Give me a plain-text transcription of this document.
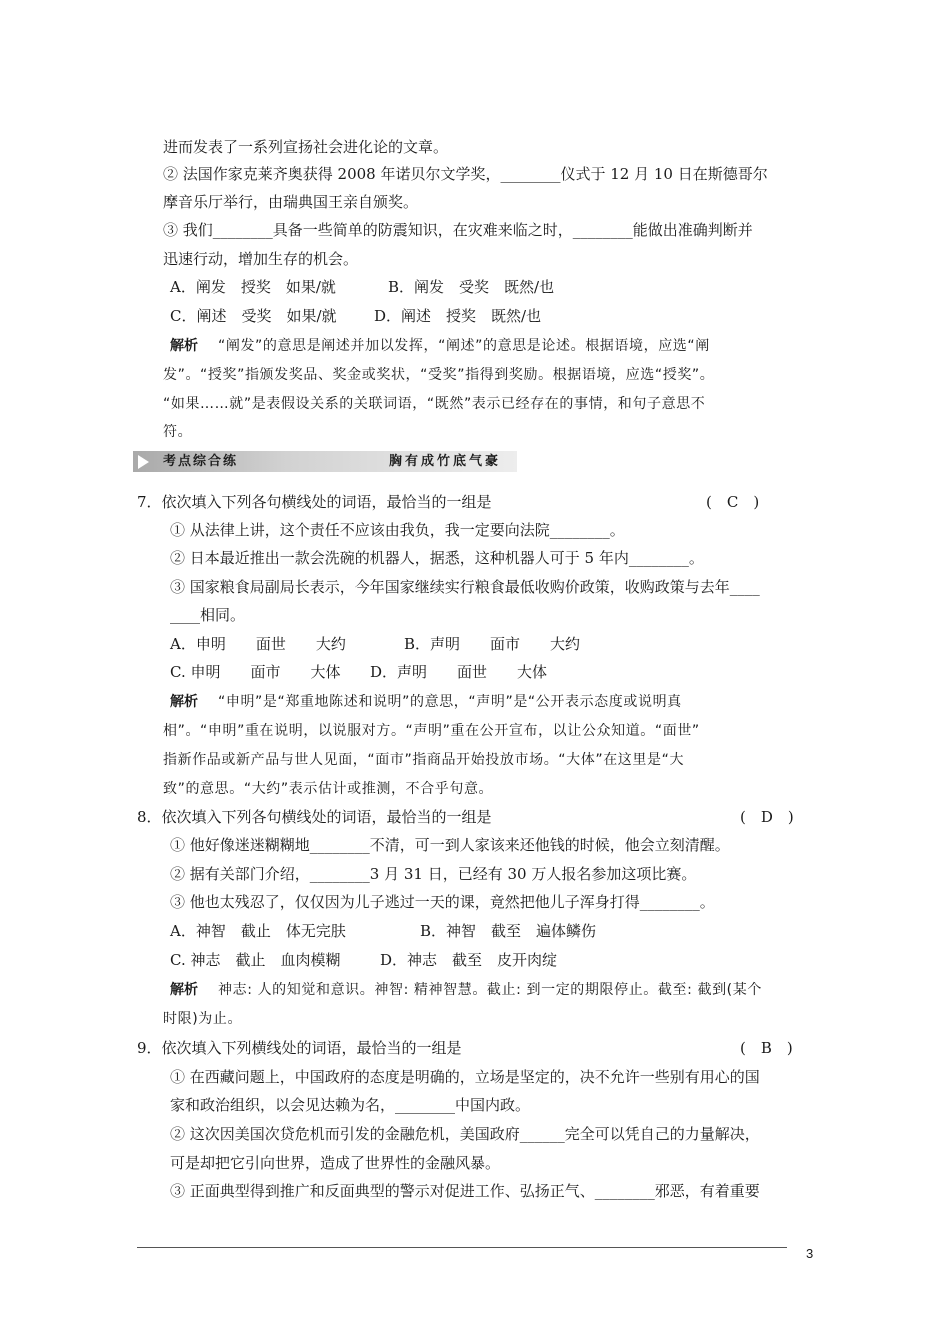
进而发表了一系列宣扬社会进化论的文章。
② 法国作家克莱齐奥获得 2008 年诺贝尔文学奖，________仪式于 12 月 10 日在斯德哥尔
摩音乐厅举行，由瑞典国王亲自颁奖。
③ 我们________具备一些简单的防震知识，在灾难来临之时，________能做出准确判断并
迅速行动，增加生存的机会。
A．阐发　授奖　如果/就	B．阐发　受奖　既然/也
C．阐述　受奖　如果/就 D．阐述　授奖　既然/也
解析 “阐发”的意思是阐述并加以发挥，“阐述”的意思是论述。根据语境，应选“阐
发”。“授奖”指颁发奖品、奖金或奖状，“受奖”指得到奖励。根据语境，应选“授奖”。
“如果……就”是表假设关系的关联词语，“既然”表示已经存在的事情，和句子意思不
符。
7．依次填入下列各句横线处的词语，最恰当的一组是	(　C　)
① 从法律上讲，这个责任不应该由我负，我一定要向法院________。
② 日本最近推出一款会洗碗的机器人，据悉，这种机器人可于 5 年内________。
③ 国家粮食局副局长表示，今年国家继续实行粮食最低收购价政策，收购政策与去年____
____相同。
A．申明　　面世　　大约	B．声明　　面市　　大约
C. 申明　　面市　　大体 D．声明　　面世　　大体
解析 “申明”是“郑重地陈述和说明”的意思，“声明”是“公开表示态度或说明真
相”。“申明”重在说明，以说服对方。“声明”重在公开宣布，以让公众知道。“面世”
指新作品或新产品与世人见面，“面市”指商品开始投放市场。“大体”在这里是“大
致”的意思。“大约”表示估计或推测，不合乎句意。
8．依次填入下列各句横线处的词语，最恰当的一组是	(　D　)
① 他好像迷迷糊糊地________不清，可一到人家该来还他钱的时候，他会立刻清醒。
② 据有关部门介绍，________3 月 31 日，已经有 30 万人报名参加这项比赛。
③ 他也太残忍了，仅仅因为儿子逃过一天的课，竟然把他儿子浑身打得________。
A．神智　截止　体无完肤	B．神智　截至　遍体鳞伤
C. 神志　截止　血肉模糊	D．神志　截至　皮开肉绽
解析 神志: 人的知觉和意识。神智: 精神智慧。截止: 到一定的期限停止。截至: 截到(某个
时限)为止。
9．依次填入下列横线处的词语，最恰当的一组是	(　B　)
① 在西藏问题上，中国政府的态度是明确的，立场是坚定的，决不允许一些别有用心的国
家和政治组织，以会见达赖为名，________中国内政。
② 这次因美国次贷危机而引发的金融危机，美国政府______完全可以凭自己的力量解决，
可是却把它引向世界，造成了世界性的金融风暴。
③ 正面典型得到推广和反面典型的警示对促进工作、弘扬正气、________邪恶，有着重要
考点综合练	胸有成竹底气豪
3
